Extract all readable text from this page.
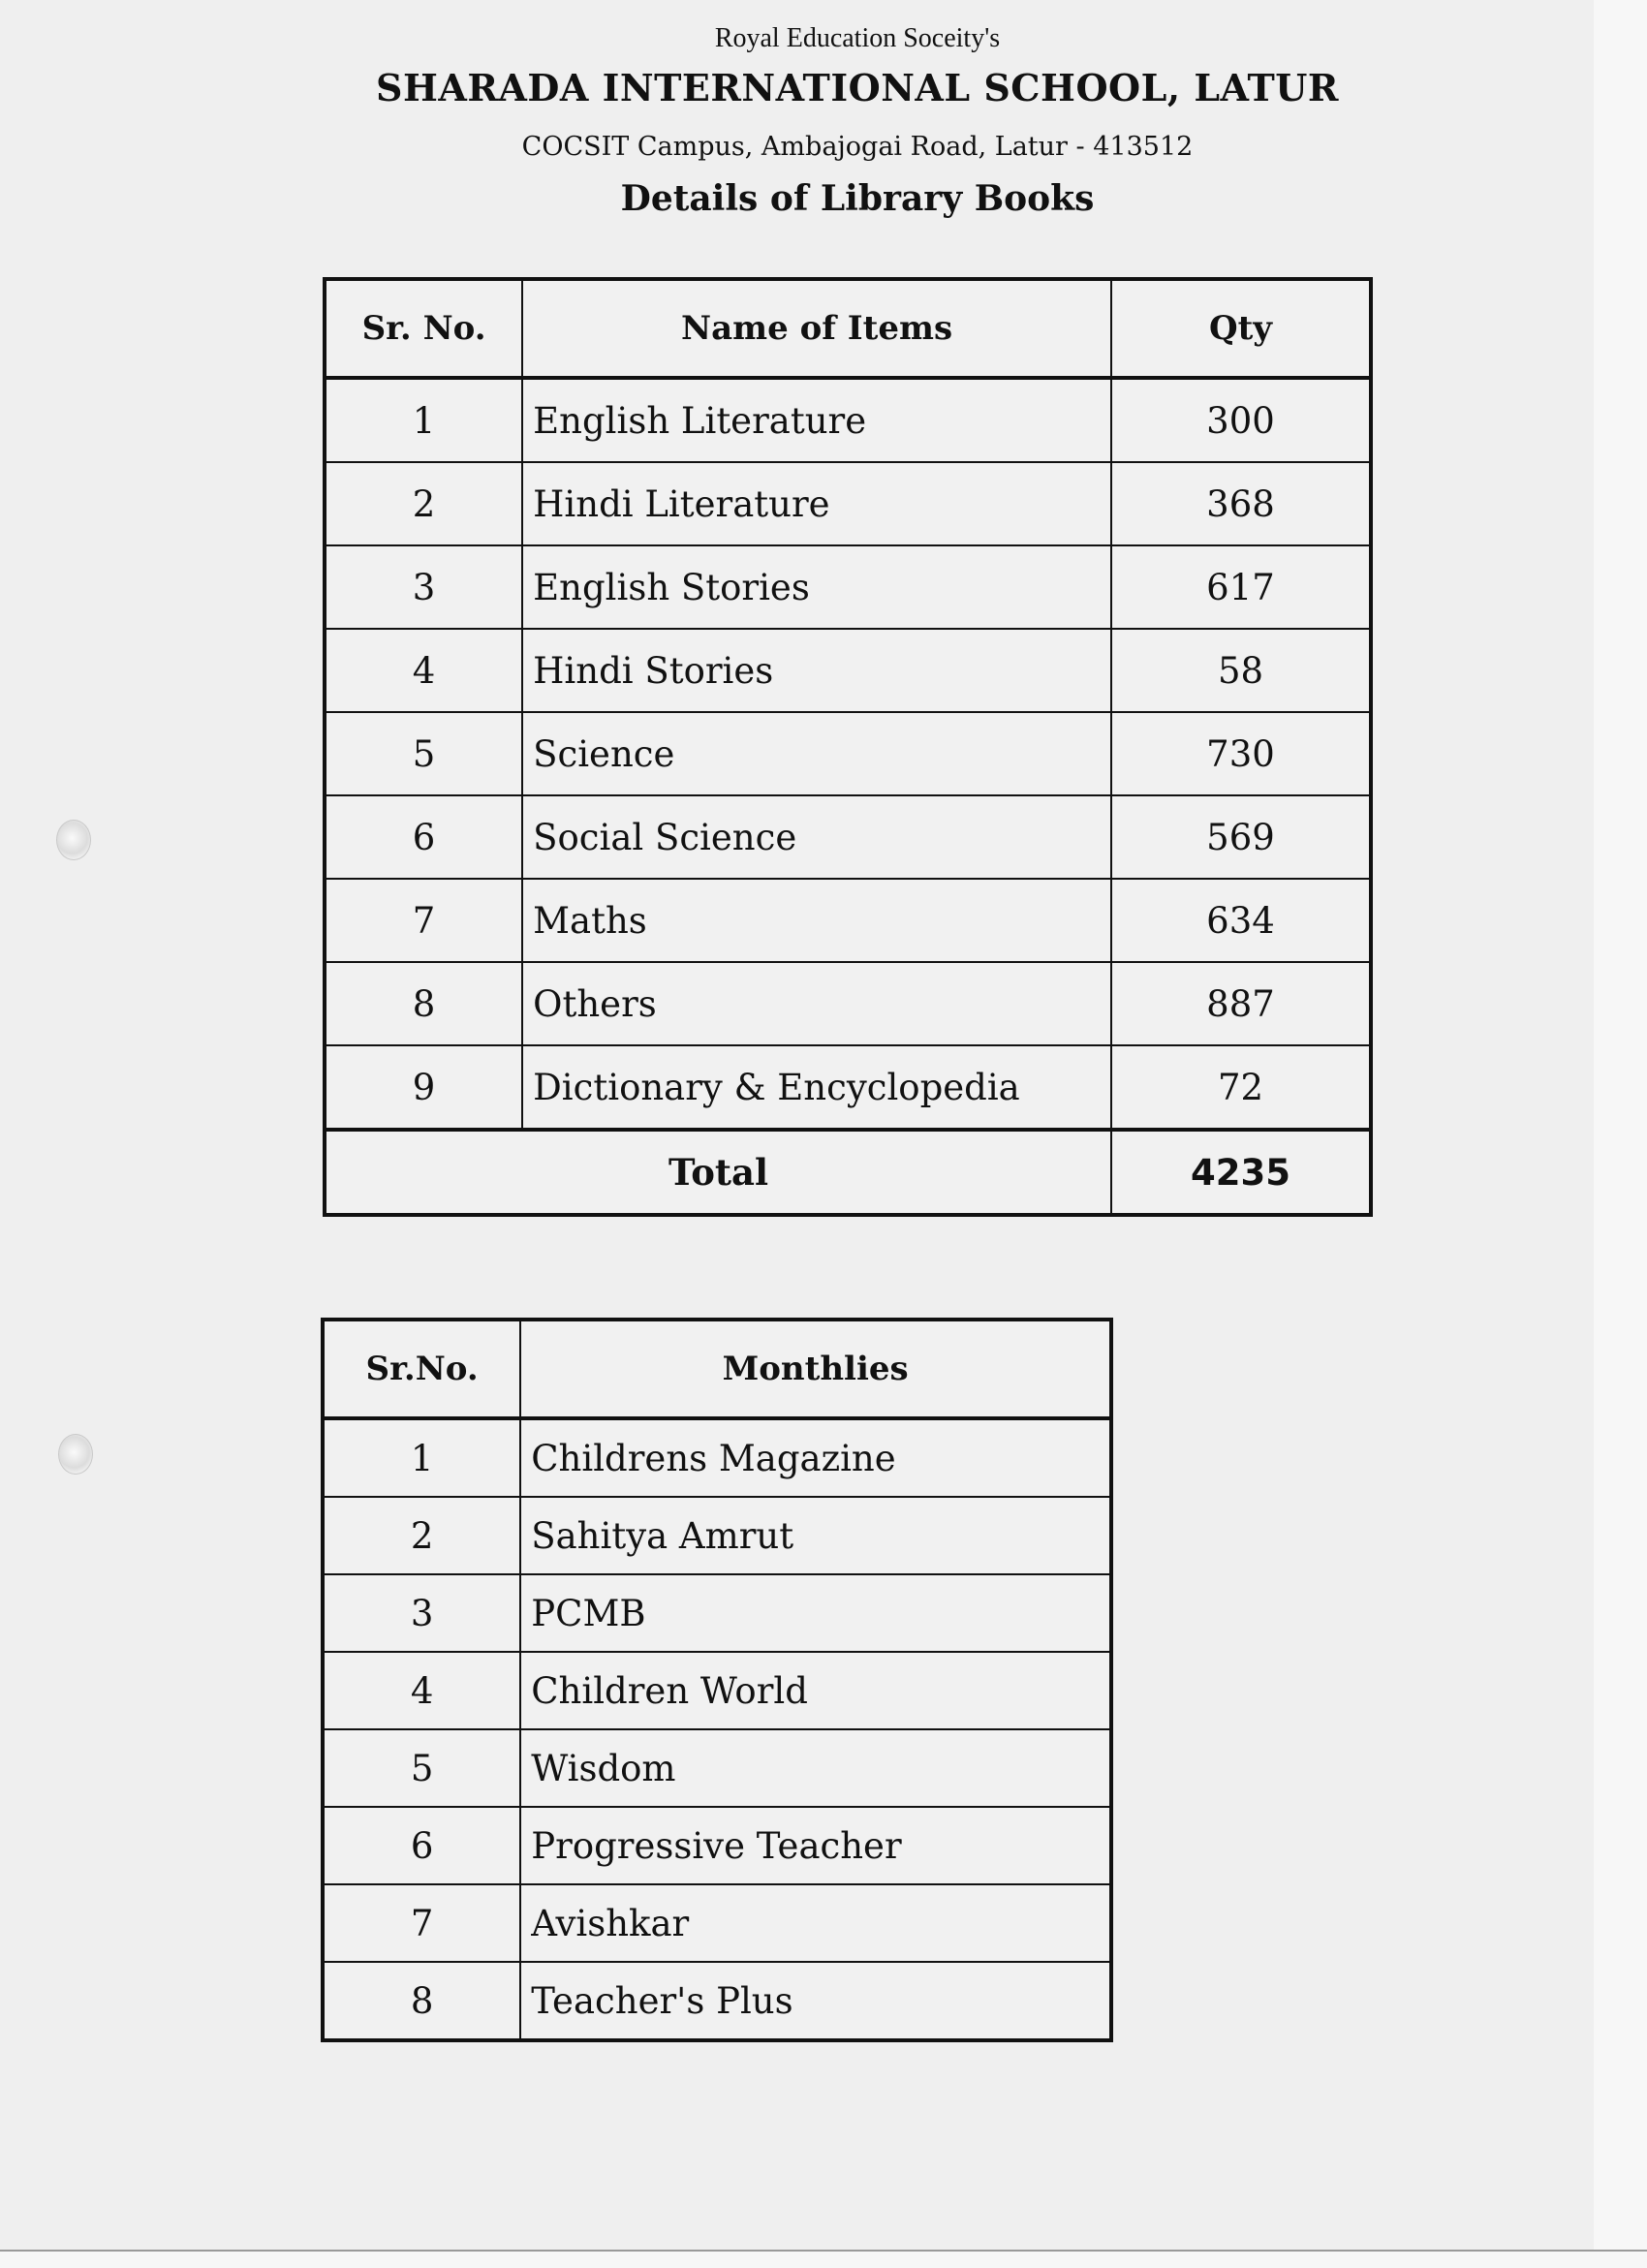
Royal Education Soceity's
SHARADA INTERNATIONAL SCHOOL, LATUR
COCSIT Campus, Ambajogai Road, Latur - 413512
Details of Library Books
Sr. No.	Name of Items	Qty
1	English Literature	300
2	Hindi Literature	368
3	English Stories	617
4	Hindi Stories	58
5	Science	730
6	Social Science	569
7	Maths	634
8	Others	887
9	Dictionary & Encyclopedia	72
Total		4235
Sr.No.	Monthlies
1	Childrens Magazine
2	Sahitya Amrut
3	PCMB
4	Children World
5	Wisdom
6	Progressive Teacher
7	Avishkar
8	Teacher's Plus
